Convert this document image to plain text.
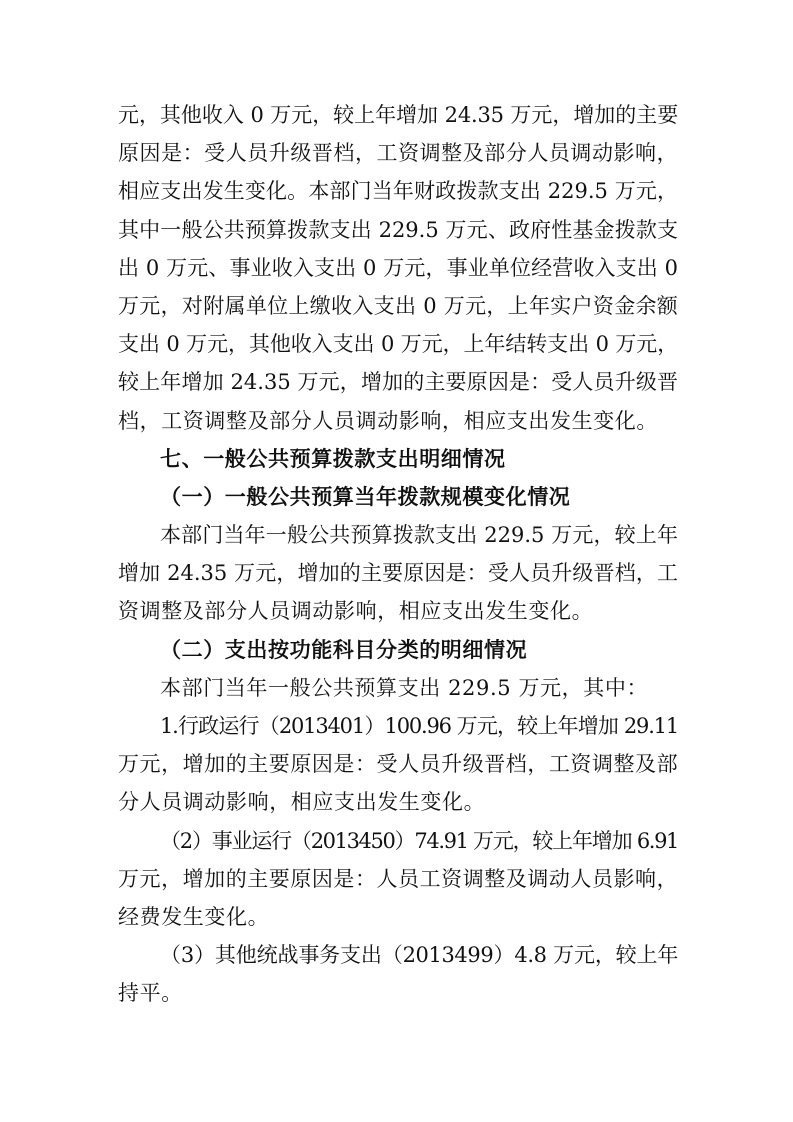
元，其他收入 0 万元，较上年增加 24.35 万元，增加的主要
原因是：受人员升级晋档，工资调整及部分人员调动影响，
相应支出发生变化。本部门当年财政拨款支出 229.5 万元，
其中一般公共预算拨款支出 229.5 万元、政府性基金拨款支
出 0 万元、事业收入支出 0 万元，事业单位经营收入支出 0
万元，对附属单位上缴收入支出 0 万元，上年实户资金余额
支出 0 万元，其他收入支出 0 万元，上年结转支出 0 万元，
较上年增加 24.35 万元，增加的主要原因是：受人员升级晋
档，工资调整及部分人员调动影响，相应支出发生变化。
七、一般公共预算拨款支出明细情况
（一）一般公共预算当年拨款规模变化情况
本部门当年一般公共预算拨款支出 229.5 万元，较上年
增加 24.35 万元，增加的主要原因是：受人员升级晋档，工
资调整及部分人员调动影响，相应支出发生变化。
（二）支出按功能科目分类的明细情况
本部门当年一般公共预算支出 229.5 万元，其中：
1.行政运行（2013401）100.96 万元，较上年增加 29.11
万元，增加的主要原因是：受人员升级晋档，工资调整及部
分人员调动影响，相应支出发生变化。
（2）事业运行（2013450）74.91 万元，较上年增加 6.91
万元，增加的主要原因是：人员工资调整及调动人员影响，
经费发生变化。
（3）其他统战事务支出（2013499）4.8 万元，较上年
持平。
